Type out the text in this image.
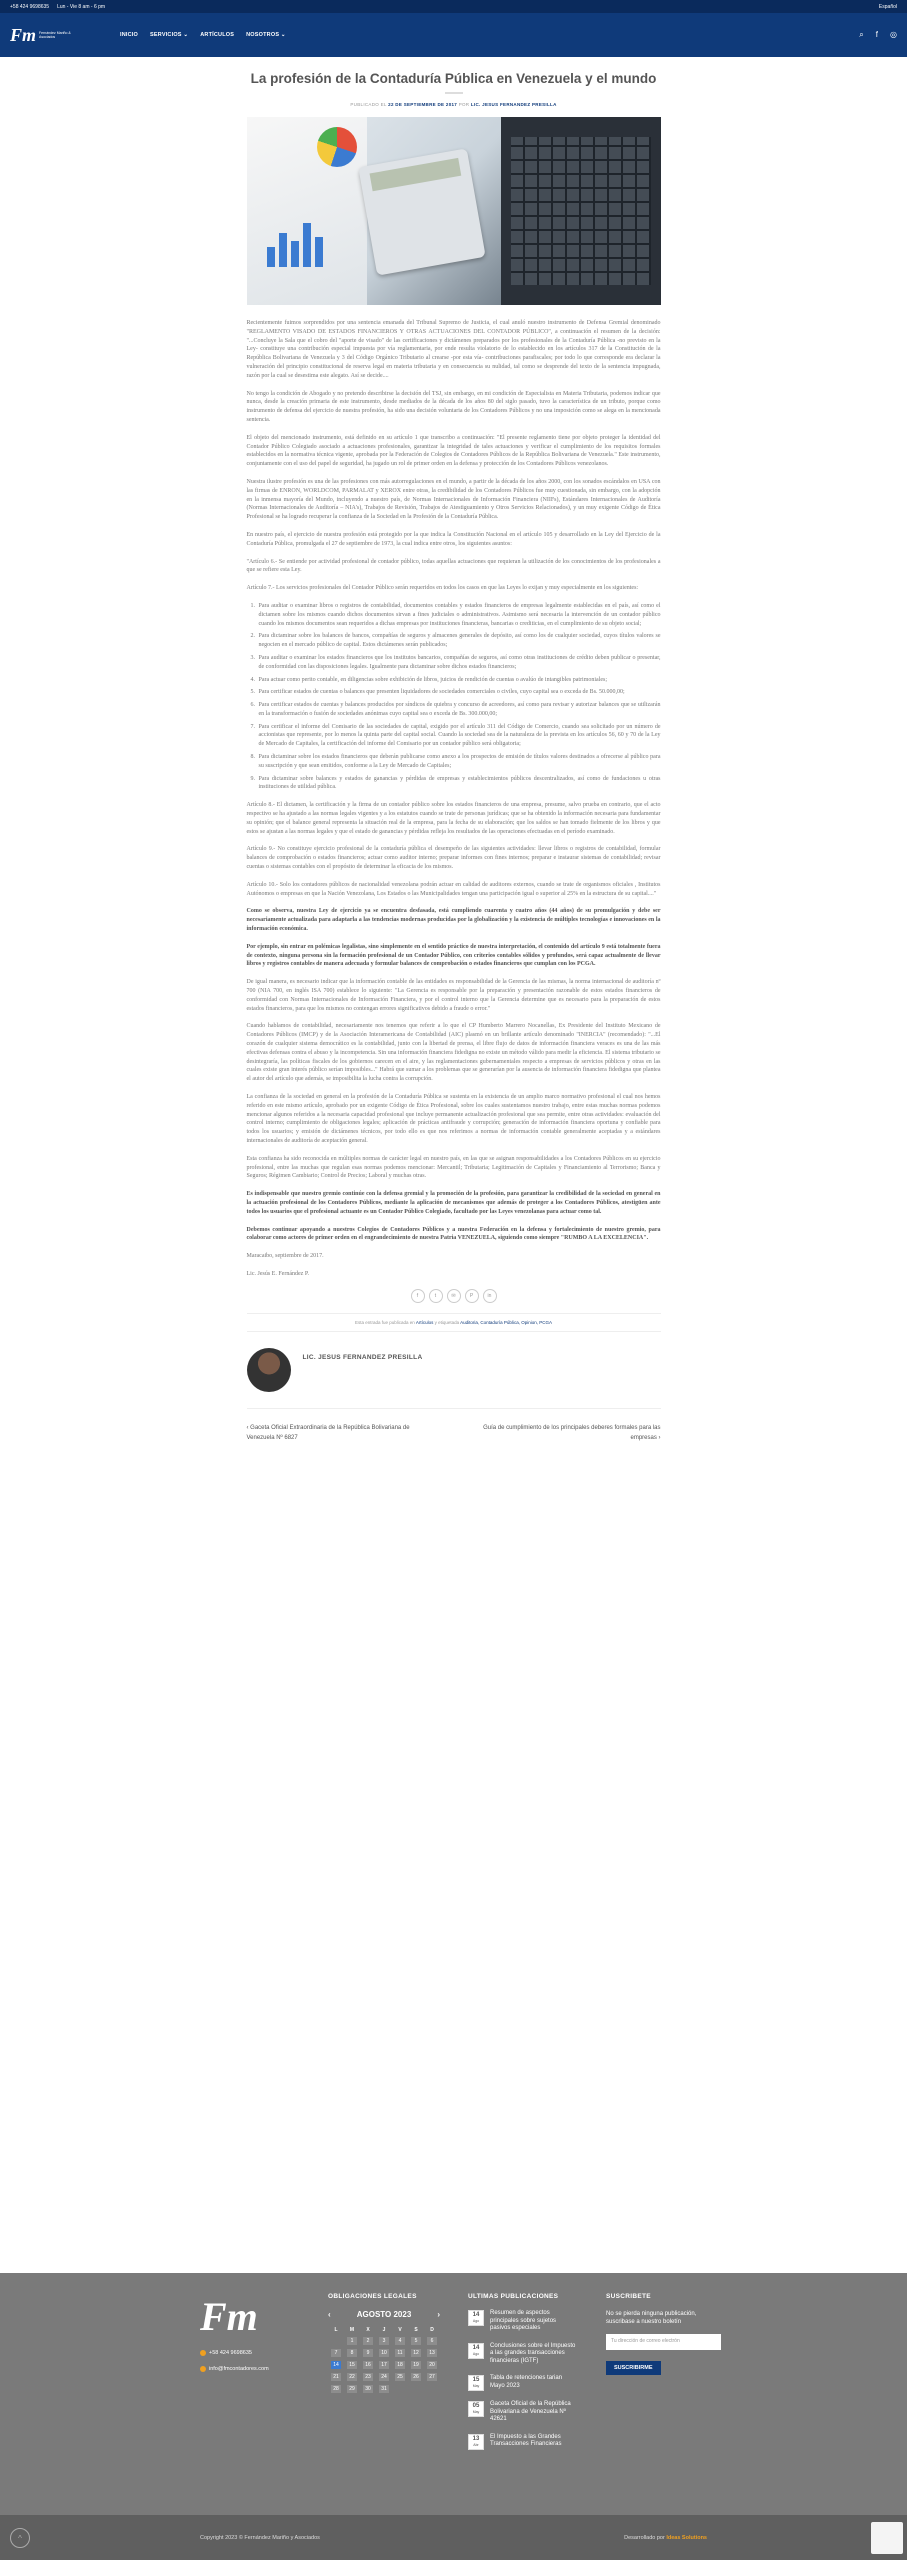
+58 424 9698635 Lun - Vie 8 am - 6 pm	Español
Fm Fernández Mariño & Asociados	INICIO SERVICIOS ⌄ ARTÍCULOS NOSOTROS ⌄	⌕ f ◎
La profesión de la Contaduría Pública en Venezuela y el mundo
PUBLICADO EL 22 DE SEPTIEMBRE DE 2017 POR LIC. JESUS FERNANDEZ PRESILLA

Recientemente fuimos sorprendidos por una sentencia emanada del Tribunal Supremo de Justicia, el cual anuló nuestro instrumento de Defensa Gremial denominado "REGLAMENTO VISADO DE ESTADOS FINANCIEROS Y OTRAS ACTUACIONES DEL CONTADOR PÚBLICO", a continuación el resumen de la decisión: "...Concluye la Sala que el cobro del "aporte de visado" de las certificaciones y dictámenes preparados por los profesionales de la Contaduría Pública -no previsto en la Ley- constituye una contribución especial impuesta por vía reglamentaria, por ende resulta violatorio de lo establecido en los artículos 317 de la Constitución de la República Bolivariana de Venezuela y 3 del Código Orgánico Tributario al crearse -por esta vía- contribuciones parafiscales; por todo lo que corresponde era declarar la vulneración del principio constitucional de reserva legal en materia tributaria y en consecuencia su nulidad, tal como se desprende del texto de la sentencia impugnada, razón por la cual se desestima este alegato. Así se decide....

No tengo la condición de Abogado y no pretendo describirse la decisión del TSJ, sin embargo, en mi condición de Especialista en Materia Tributaria, podemos indicar que nunca, desde la creación primaria de este instrumento, desde mediados de la década de los años 80 del siglo pasado, tuvo la característica de un tributo, porque como instrumento de defensa del ejercicio de nuestra profesión, ha sido una decisión voluntaria de los Contadores Públicos y no una imposición como se alega en la mencionada sentencia.

El objeto del mencionado instrumento, está definido en su artículo 1 que transcribo a continuación: "El presente reglamento tiene por objeto proteger la identidad del Contador Público Colegiado asociado a actuaciones profesionales, garantizar la integridad de tales actuaciones y verificar el cumplimiento de los requisitos formales establecidos en la normativa técnica vigente, aprobada por la Federación de Colegios de Contadores Públicos de la República Bolivariana de Venezuela." Este instrumento, conjuntamente con el uso del papel de seguridad, ha jugado un rol de primer orden en la defensa y protección de los Contadores Públicos venezolanos.

Nuestra ilustre profesión es una de las profesiones con más autorregulaciones en el mundo, a partir de la década de los años 2000, con los sonados escándalos en USA con las firmas de ENRON, WORLDCOM, PARMALAT y XEROX entre otras, la credibilidad de los Contadores Públicos fue muy cuestionada, sin embargo, con la adopción en la inmensa mayoría del Mundo, incluyendo a nuestro país, de Normas Internacionales de Información Financiera (NIIFs), Estándares Internacionales de Auditoría (Normas Internacionales de Auditoría – NIA's), Trabajos de Revisión, Trabajos de Atestiguamiento y Otros Servicios Relacionados), y un muy exigente Código de Ética Profesional se ha logrado recuperar la confianza de la Sociedad en la Profesión de la Contaduría Pública.

En nuestro país, el ejercicio de nuestra profesión está protegido por la que indica la Constitución Nacional en el artículo 105 y desarrollado en la Ley del Ejercicio de la Contaduría Pública, promulgada el 27 de septiembre de 1973, la cual indica entre otros, los siguientes asuntos:

"Artículo 6.- Se entiende por actividad profesional de contador público, todas aquellas actuaciones que requieran la utilización de los conocimientos de los profesionales a que se refiere esta Ley.

Artículo 7.- Los servicios profesionales del Contador Público serán requeridos en todos los casos en que las Leyes lo exijan y muy especialmente en los siguientes:

1. Para auditar o examinar libros o registros de contabilidad, documentos contables y estados financieros de empresas legalmente establecidas en el país, así como el dictamen sobre los mismos cuando dichos documentos sirvan a fines judiciales o administrativos. Asimismo será necesaria la intervención de un contador público cuando los mismos documentos sean requeridos a dichas empresas por instituciones financieras, bancarias o crediticias, en el cumplimiento de su objeto social;
2. Para dictaminar sobre los balances de bancos, compañías de seguros y almacenes generales de depósito, así como los de cualquier sociedad, cuyos títulos valores se negocien en el mercado público de capital. Estos dictámenes serán publicados;
3. Para auditar o examinar los estados financieros que los institutos bancarios, compañías de seguros, así como otras instituciones de crédito deben publicar o presentar, de conformidad con las disposiciones legales. Igualmente para dictaminar sobre dichos estados financieros;
4. Para actuar como perito contable, en diligencias sobre exhibición de libros, juicios de rendición de cuentas o avalúo de intangibles patrimoniales;
5. Para certificar estados de cuentas o balances que presenten liquidadores de sociedades comerciales o civiles, cuyo capital sea o exceda de Bs. 50.000,00;
6. Para certificar estados de cuentas y balances producidos por síndicos de quiebra y concurso de acreedores, así como para revisar y autorizar balances que se utilizarán en la transformación o fusión de sociedades anónimas cuyo capital sea o exceda de Bs. 300.000,00;
7. Para certificar el informe del Comisario de las sociedades de capital, exigido por el artículo 311 del Código de Comercio, cuando sea solicitado por un número de accionistas que represente, por lo menos la quinta parte del capital social. Cuando la sociedad sea de la naturaleza de la prevista en los artículos 56, 60 y 70 de la Ley de Mercado de Capitales, la certificación del informe del Comisario por un contador público será obligatoria;
8. Para dictaminar sobre los estados financieros que deberán publicarse como anexo a los prospectos de emisión de títulos valores destinados a ofrecerse al público para su suscripción y que sean emitidos, conforme a la Ley de Mercado de Capitales;
9. Para dictaminar sobre balances y estados de ganancias y pérdidas de empresas y establecimientos públicos descentralizados, así como de fundaciones u otras instituciones de utilidad pública.

Artículo 8.- El dictamen, la certificación y la firma de un contador público sobre los estados financieros de una empresa, presume, salvo prueba en contrario, que el acto respectivo se ha ajustado a las normas legales vigentes y a los estatutos cuando se trate de personas jurídicas; que se ha obtenido la información necesaria para fundamentar su opinión; que el balance general representa la situación real de la empresa, para la fecha de su elaboración; que los saldos se han tomado fielmente de los libros y que estos se ajustan a las normas legales y que el estado de ganancias y pérdidas refleja los resultados de las operaciones efectuadas en el período examinado.

Artículo 9.- No constituye ejercicio profesional de la contaduría pública el desempeño de las siguientes actividades: llevar libros o registros de contabilidad, formular balances de comprobación o estados financieros; actuar como auditor interno; preparar informes con fines internos; preparar e instaurar sistemas de contabilidad; revisar cuentas o sistemas contables con el propósito de determinar la eficacia de los mismos.

Artículo 10.- Solo los contadores públicos de nacionalidad venezolana podrán actuar en calidad de auditores externos, cuando se trate de organismos oficiales , Institutos Autónomos o empresas en que la Nación Venezolana, Los Estados o las Municipalidades tengan una participación igual o superior al 25% en la estructura de su capital...."

Como se observa, nuestra Ley de ejercicio ya se encuentra desfasada, está cumpliendo cuarenta y cuatro años (44 años) de su promulgación y debe ser necesariamente actualizada para adaptarla a las tendencias modernas producidas por la globalización y la existencia de múltiples tecnologías e innovaciones en la información económica.

Por ejemplo, sin entrar en polémicas legalistas, sino simplemente en el sentido práctico de nuestra interpretación, el contenido del artículo 9 está totalmente fuera de contexto, ninguna persona sin la formación profesional de un Contador Público, con criterios contables sólidos y profundos, será capaz actualmente de llevar libros y registros contables de manera adecuada y formular balances de comprobación o estados financieros que cumplan con los PCGA.

De igual manera, es necesario indicar que la información contable de las entidades es responsabilidad de la Gerencia de las mismas, la norma internacional de auditoría nº 700 (NIA 700, en inglés ISA 700) establece lo siguiente: "La Gerencia es responsable por la preparación y presentación razonable de estos estados financieros de conformidad con Normas Internacionales de Información Financiera, y por el control interno que la Gerencia determine que es necesario para la preparación de estos estados financieros, para que los mismos no contengan errores significativos debido a fraude o error."

Cuando hablamos de contabilidad, necesariamente nos tenemos que referir a lo que el CP Humberto Marrero Nocanellas, Ex Presidente del Instituto Mexicano de Contadores Públicos (IMCP) y de la Asociación Interamericana de Contabilidad (AIC) plasmó en un brillante artículo denominado "INERCIA" (recomendado): "...El corazón de cualquier sistema democrático es la contabilidad, junto con la libertad de prensa, el libre flujo de datos de información financiera veraces es una de las más efectivas defensas contra el abuso y la incompetencia. Sin una información financiera fidedigna no existe un método válido para medir la eficiencia. El sistema tributario se desintegraría, las políticas fiscales de los gobiernos carecen en el aire, y las reglamentaciones gubernamentales respecto a empresas de servicios públicos y otras en las cuales existe gran interés público serían imposibles..." Habrá que sumar a los problemas que se generarían por la ausencia de información financiera fidedigna que plantea el autor del artículo que además, se imposibilita la lucha contra la corrupción.

La confianza de la sociedad en general en la profesión de la Contaduría Pública se sustenta en la existencia de un amplio marco normativo profesional el cual nos hemos referido en este mismo artículo, aprobado por un exigente Código de Ética Profesional, sobre los cuales sustentamos nuestro trabajo, entre estas muchas normas podemos mencionar algunos referidos a la necesaria capacidad profesional que incluye permanente actualización profesional que sea permite, entre otras actividades: evaluación del control interno; cumplimiento de obligaciones legales; aplicación de prácticas antifraude y corrupción; generación de información financiera oportuna y confiable para todos los usuarios; y emisión de dictámenes técnicos, por todo ello es que nos referimos a normas de información contable generalmente aceptadas y a estándares internacionales de auditoría de aceptación general.

Esta confianza ha sido reconocida en múltiples normas de carácter legal en nuestro país, en las que se asignan responsabilidades a los Contadores Públicos en su ejercicio profesional, entre las muchas que regulan esas normas podemos mencionar: Mercantil; Tributaria; Legitimación de Capitales y Financiamiento al Terrorismo; Banca y Seguros; Régimen Cambiario; Control de Precios; Laboral y muchas otras.

Es indispensable que nuestro gremio continúe con la defensa gremial y la promoción de la profesión, para garantizar la credibilidad de la sociedad en general en la actuación profesional de los Contadores Públicos, mediante la aplicación de mecanismos que además de proteger a los Contadores Públicos, atestigüen ante todos los usuarios que el profesional actuante es un Contador Público Colegiado, facultado por las Leyes venezolanas para actuar como tal.

Debemos continuar apoyando a nuestros Colegios de Contadores Públicos y a nuestra Federación en la defensa y fortalecimiento de nuestro gremio, para colaborar como actores de primer orden en el engrandecimiento de nuestra Patria VENEZUELA, siguiendo como siempre "RUMBO A LA EXCELENCIA".

Maracaibo, septiembre de 2017.

Lic. Jesús E. Fernández P.

f	t	✉	P	in
Esta entrada fue publicada en Artículos y etiquetada Auditoria, Contaduría Pública, Opinion, PCGA
LIC. JESUS FERNANDEZ PRESILLA
‹ Gaceta Oficial Extraordinaria de la República Bolivariana de Venezuela Nº 6827
Guía de cumplimiento de los principales deberes formales para las empresas ›
Fm
+58 424 9698635
info@fmcontadores.com
OBLIGACIONES LEGALES
‹	AGOSTO 2023	›
L	M	X	J	V	S	D
	1	2	3	4	5	6
7	8	9	10	11	12	13
14	15	16	17	18	19	20
21	22	23	24	25	26	27
28	29	30	31			
ULTIMAS PUBLICACIONES
14
Ago
Resumen de aspectos principales sobre sujetos pasivos especiales
14
Ago
Conclusiones sobre el Impuesto a las grandes transacciones financieras (IGTF)
15
May
Tabla de retenciones tarian Mayo 2023
05
May
Gaceta Oficial de la República Bolivariana de Venezuela Nº 42621
13
Abr
El Impuesto a las Grandes Transacciones Financieras
SUSCRIBETE

No se pierda ninguna publicación, suscribase a nuestro boletín

Tu dirección de correo electrón
SUSCRIBIRME
Copyright 2023 © Fernández Mariño y Asociados	Desarrollado por Ideas Solutions
^
